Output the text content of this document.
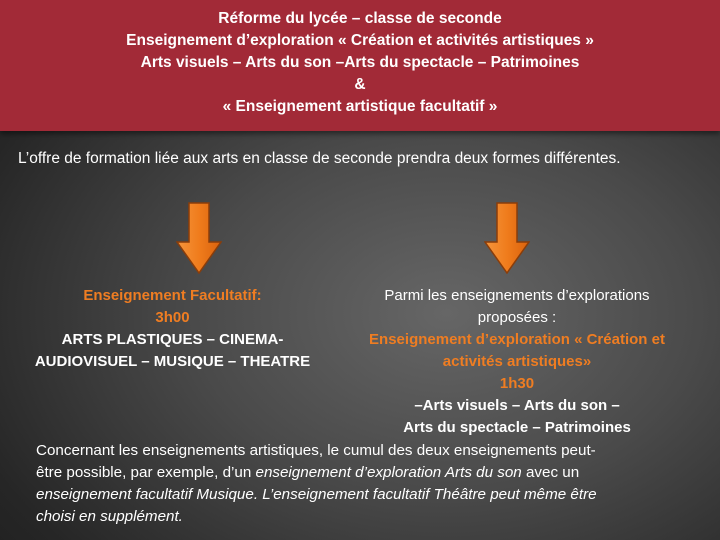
Réforme du lycée – classe de seconde
Enseignement d’exploration « Création et activités artistiques »
Arts visuels – Arts du son –Arts du spectacle – Patrimoines
&
« Enseignement artistique facultatif »
L’offre de formation liée aux arts en classe de seconde prendra deux formes différentes.
Enseignement Facultatif:
3h00
ARTS PLASTIQUES – CINEMA-
AUDIOVISUEL – MUSIQUE – THEATRE
Parmi les enseignements d’explorations
proposées :
Enseignement d’exploration « Création et
activités artistiques»
1h30
–Arts visuels – Arts du son –
Arts du spectacle – Patrimoines
Concernant les enseignements artistiques, le cumul des deux enseignements peut-
être possible, par exemple, d’un enseignement d’exploration Arts du son avec un
enseignement facultatif Musique. L’enseignement facultatif Théâtre peut même être
choisi en supplément.
